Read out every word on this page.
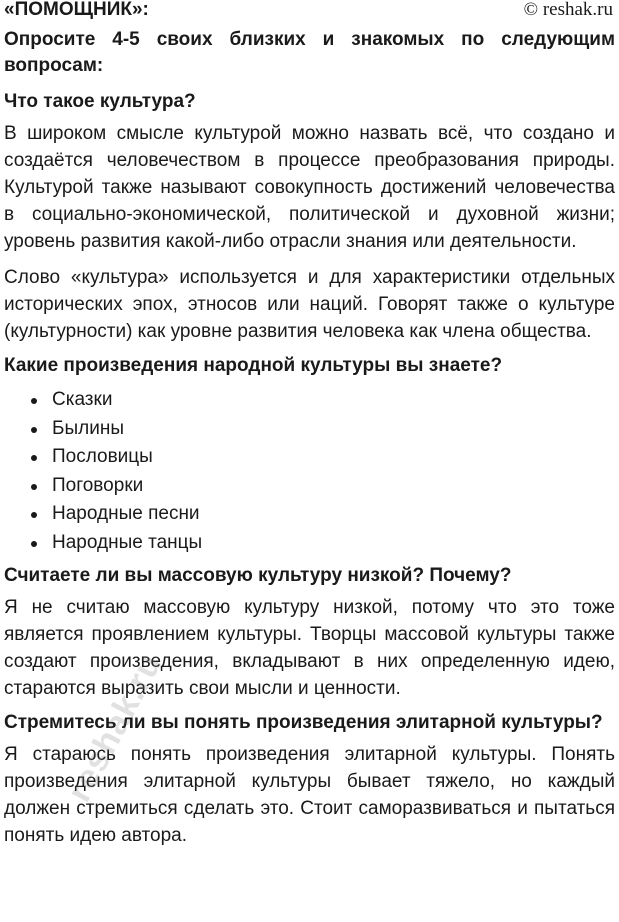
«ПОМОЩНИК»:	© reshak.ru

Опросите 4-5 своих близких и знакомых по следующим вопросам:

Что такое культура?

В широком смысле культурой можно назвать всё, что создано и создаётся человечеством в процессе преобразования природы. Культурой также называют совокупность достижений человечества в социально-экономической, политической и духовной жизни; уровень развития какой-либо отрасли знания или деятельности.

Слово «культура» используется и для характеристики отдельных исторических эпох, этносов или наций. Говорят также о культуре (культурности) как уровне развития человека как члена общества.

Какие произведения народной культуры вы знаете?

Сказки
Былины
Пословицы
Поговорки
Народные песни
Народные танцы

Считаете ли вы массовую культуру низкой? Почему?

Я не считаю массовую культуру низкой, потому что это тоже является проявлением культуры. Творцы массовой культуры также создают произведения, вкладывают в них определенную идею, стараются выразить свои мысли и ценности.

Стремитесь ли вы понять произведения элитарной культуры?

Я стараюсь понять произведения элитарной культуры. Понять произведения элитарной культуры бывает тяжело, но каждый должен стремиться сделать это. Стоит саморазвиваться и пытаться понять идею автора.

reshak.ru
